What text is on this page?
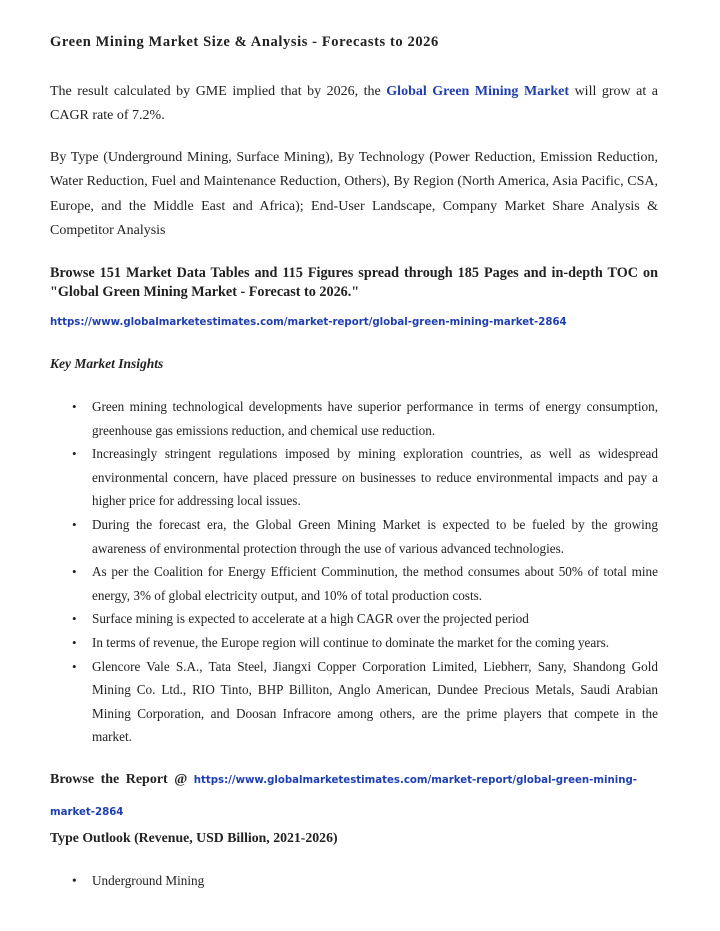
Green Mining Market Size & Analysis - Forecasts to 2026

The result calculated by GME implied that by 2026, the Global Green Mining Market will grow at a CAGR rate of 7.2%.

By Type (Underground Mining, Surface Mining), By Technology (Power Reduction, Emission Reduction, Water Reduction, Fuel and Maintenance Reduction, Others), By Region (North America, Asia Pacific, CSA, Europe, and the Middle East and Africa); End-User Landscape, Company Market Share Analysis & Competitor Analysis

Browse 151 Market Data Tables and 115 Figures spread through 185 Pages and in-depth TOC on "Global Green Mining Market - Forecast to 2026."

https://www.globalmarketestimates.com/market-report/global-green-mining-market-2864
Key Market Insights
• Green mining technological developments have superior performance in terms of energy consumption, greenhouse gas emissions reduction, and chemical use reduction.
• Increasingly stringent regulations imposed by mining exploration countries, as well as widespread environmental concern, have placed pressure on businesses to reduce environmental impacts and pay a higher price for addressing local issues.
• During the forecast era, the Global Green Mining Market is expected to be fueled by the growing awareness of environmental protection through the use of various advanced technologies.
• As per the Coalition for Energy Efficient Comminution, the method consumes about 50% of total mine energy, 3% of global electricity output, and 10% of total production costs.
• Surface mining is expected to accelerate at a high CAGR over the projected period
• In terms of revenue, the Europe region will continue to dominate the market for the coming years.
• Glencore Vale S.A., Tata Steel, Jiangxi Copper Corporation Limited, Liebherr, Sany, Shandong Gold Mining Co. Ltd., RIO Tinto, BHP Billiton, Anglo American, Dundee Precious Metals, Saudi Arabian Mining Corporation, and Doosan Infracore among others, are the prime players that compete in the market.

Browse the Report @ https://www.globalmarketestimates.com/market-report/global-green-mining-market-2864

Type Outlook (Revenue, USD Billion, 2021-2026)
• Underground Mining
